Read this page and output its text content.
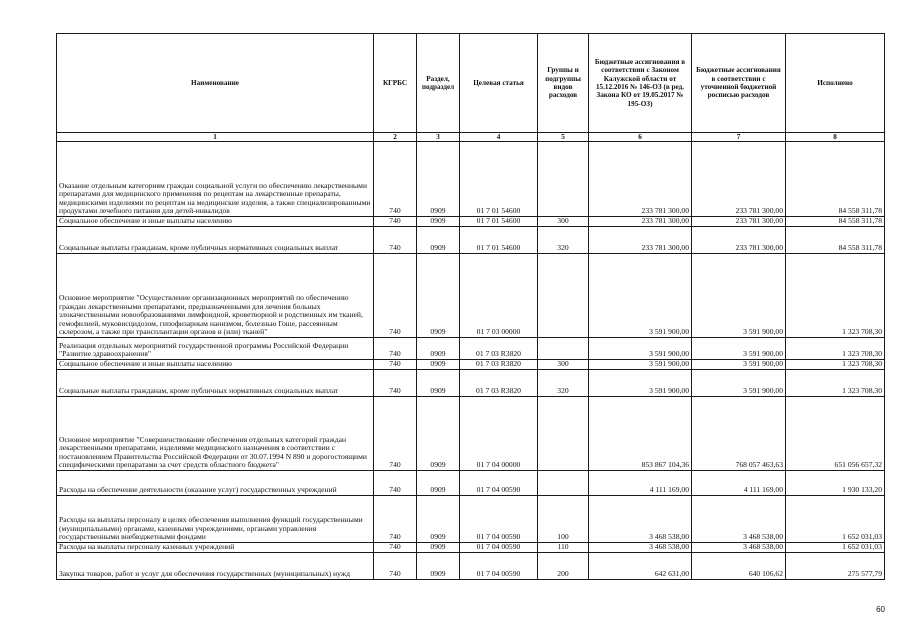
Наименование	КГРБС	Раздел, подраздел	Целевая статья	Группы и подгруппы видов расходов	Бюджетные ассигнования в соответствии с Законом Калужской области от 15.12.2016 № 146-ОЗ (в ред. Закона КО от 19.05.2017 № 195-ОЗ)	Бюджетные ассигнования в соответствии с уточненной бюджетной росписью расходов	Исполнено
1	2	3	4	5	6	7	8
Оказание отдельным категориям граждан социальной услуги по обеспечению лекарственными препаратами для медицинского применения по рецептам на лекарственные препараты, медицинскими изделиями по рецептам на медицинские изделия, а также специализированными продуктами лечебного питания для детей-инвалидов	740	0909	01 7 01 54600		233 781 300,00	233 781 300,00	84 558 311,78
Социальное обеспечение и иные выплаты населению	740	0909	01 7 01 54600	300	233 781 300,00	233 781 300,00	84 558 311,78
Социальные выплаты гражданам, кроме публичных нормативных социальных выплат	740	0909	01 7 01 54600	320	233 781 300,00	233 781 300,00	84 558 311,78
Основное мероприятие "Осуществление организационных мероприятий по обеспечению граждан лекарственными препаратами, предназначенными для лечения больных злокачественными новообразованиями лимфоидной, кроветворной и родственных им тканей, гемофилией, муковисцидозом, гипофизарным нанизмом, болезнью Гоше, рассеянным склерозом, а также при трансплантации органов и (или) тканей"	740	0909	01 7 03 00000		3 591 900,00	3 591 900,00	1 323 708,30
Реализация отдельных мероприятий государственной программы Российской Федерации "Развитие здравоохранения"	740	0909	01 7 03 R3820		3 591 900,00	3 591 900,00	1 323 708,30
Социальное обеспечение и иные выплаты населению	740	0909	01 7 03 R3820	300	3 591 900,00	3 591 900,00	1 323 708,30
Социальные выплаты гражданам, кроме публичных нормативных социальных выплат	740	0909	01 7 03 R3820	320	3 591 900,00	3 591 900,00	1 323 708,30
Основное мероприятие "Совершенствование обеспечения отдельных категорий граждан лекарственными препаратами, изделиями медицинского назначения в соответствии с постановлением Правительства Российской Федерации от 30.07.1994 N 890 и дорогостоящими специфическими препаратами за счет средств областного бюджета"	740	0909	01 7 04 00000		853 867 104,36	768 057 463,63	651 056 657,32
Расходы на обеспечение деятельности (оказание услуг) государственных учреждений	740	0909	01 7 04 00590		4 111 169,00	4 111 169,00	1 930 133,20
Расходы на выплаты персоналу в целях обеспечения выполнения функций государственными (муниципальными) органами, казенными учреждениями, органами управления государственными внебюджетными фондами	740	0909	01 7 04 00590	100	3 468 538,00	3 468 538,00	1 652 031,03
Расходы на выплаты персоналу казенных учреждений	740	0909	01 7 04 00590	110	3 468 538,00	3 468 538,00	1 652 031,03
Закупка товаров, работ и услуг для обеспечения государственных (муниципальных) нужд	740	0909	01 7 04 00590	200	642 631,00	640 106,62	275 577,79
60
